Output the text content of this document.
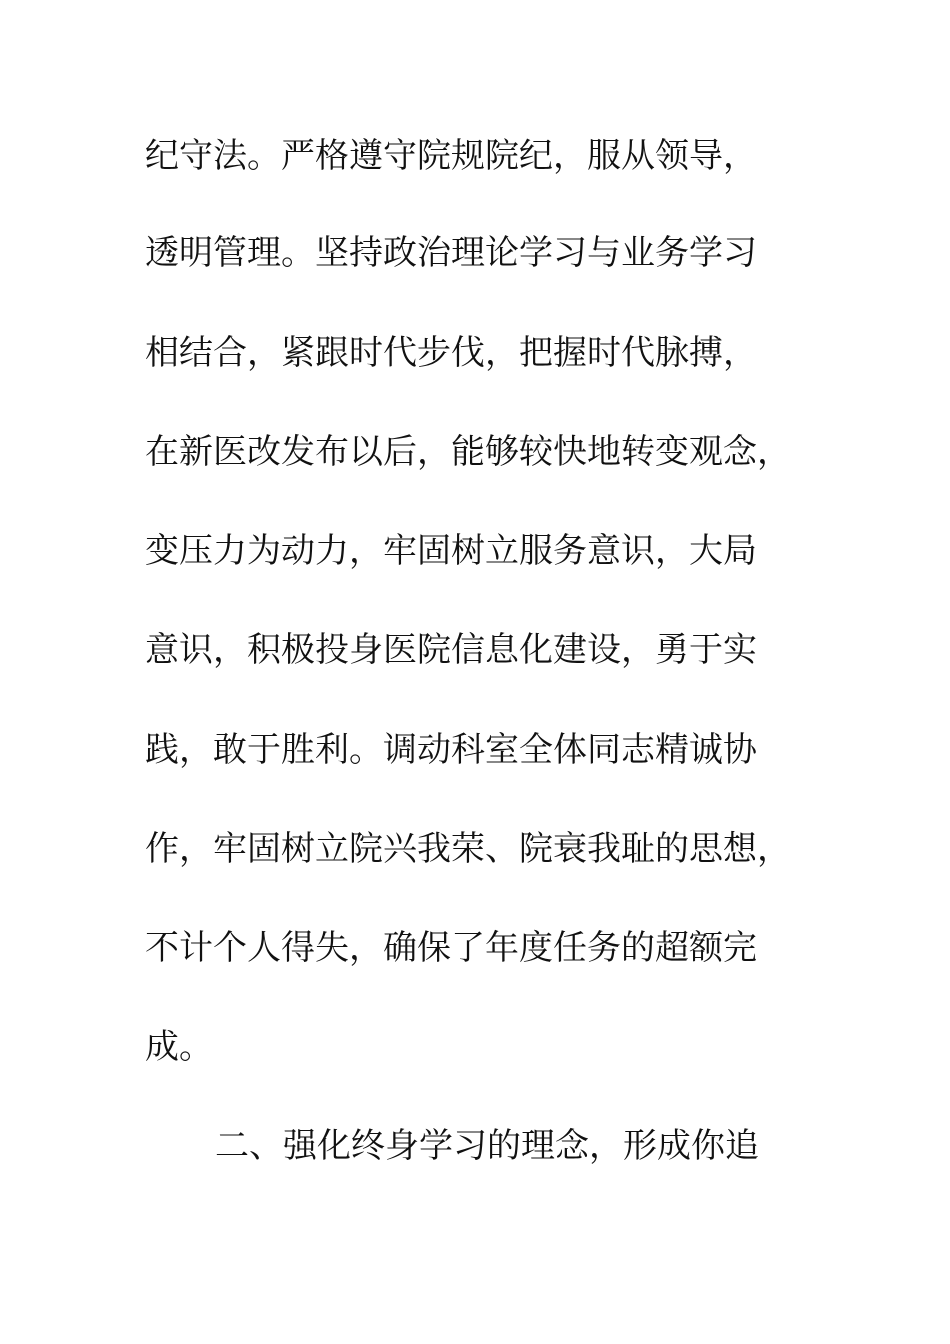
纪守法。严格遵守院规院纪，服从领导，
透明管理。坚持政治理论学习与业务学习
相结合，紧跟时代步伐，把握时代脉搏，
在新医改发布以后，能够较快地转变观念，
变压力为动力，牢固树立服务意识，大局
意识，积极投身医院信息化建设，勇于实
践，敢于胜利。调动科室全体同志精诚协
作，牢固树立院兴我荣、院衰我耻的思想，
不计个人得失，确保了年度任务的超额完
成。
二、强化终身学习的理念，形成你追
